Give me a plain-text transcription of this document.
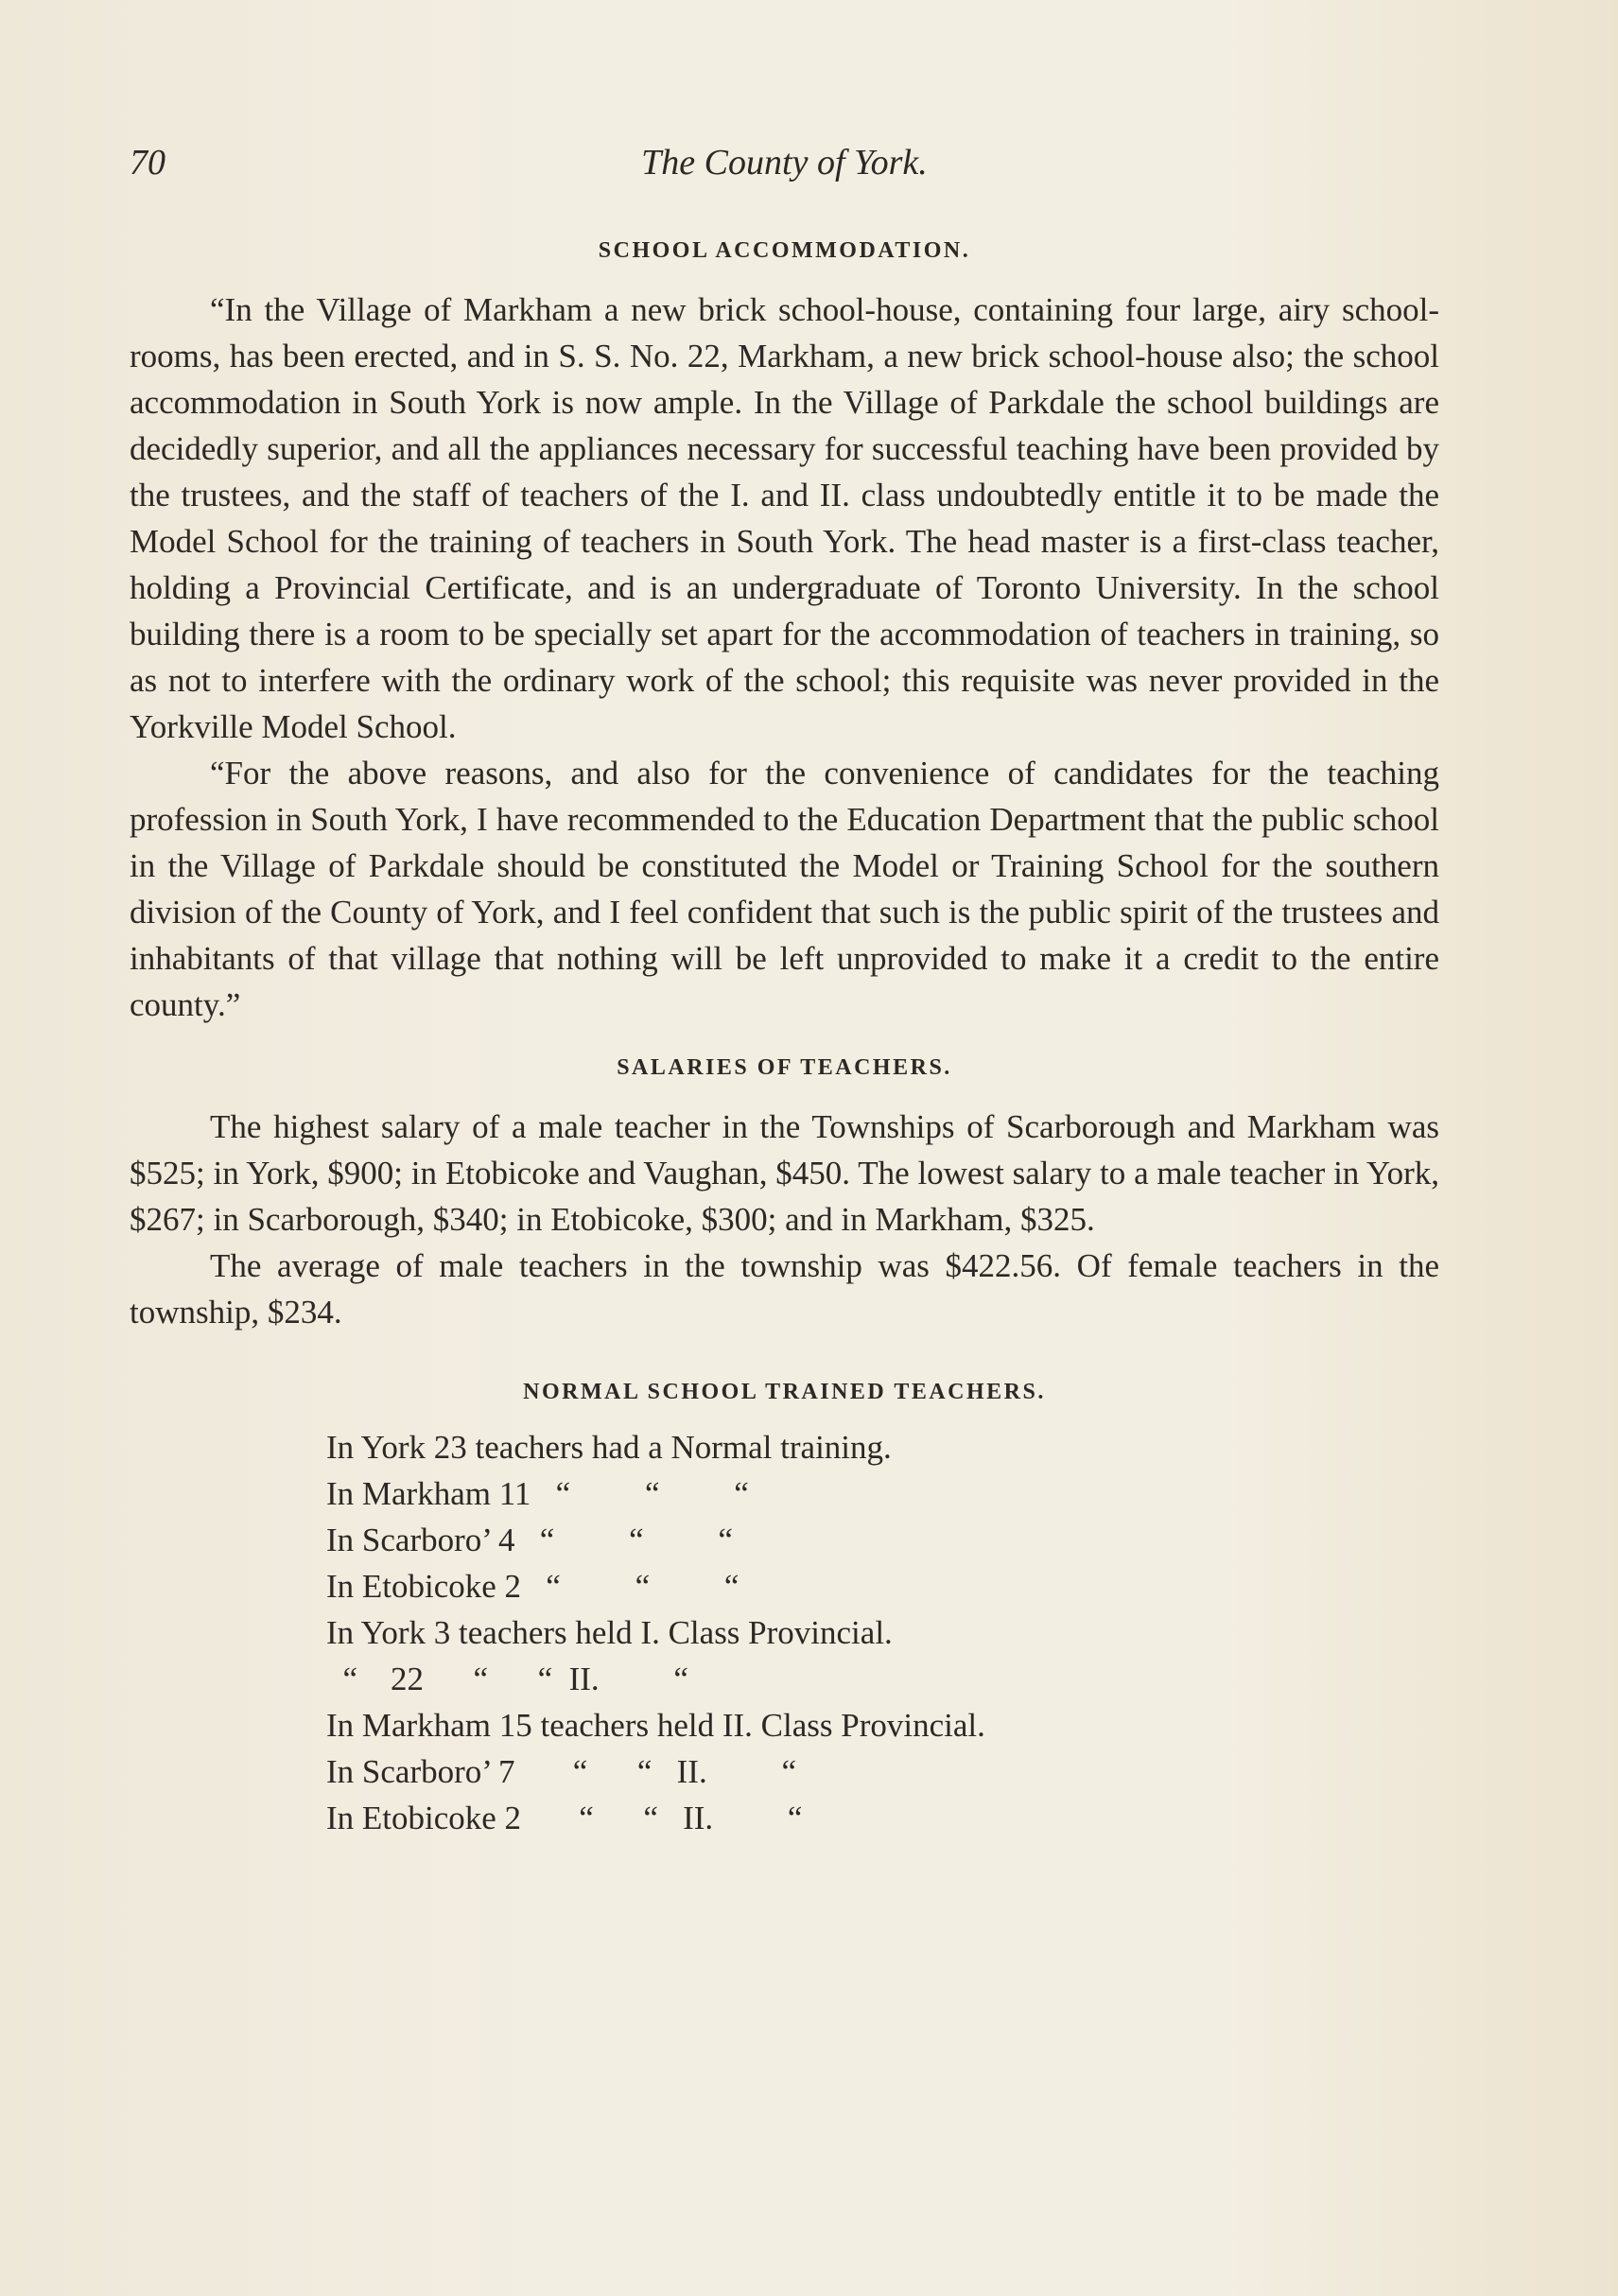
70	The County of York.
SCHOOL ACCOMMODATION.

“In the Village of Markham a new brick school-house, containing four large, airy school-rooms, has been erected, and in S. S. No. 22, Markham, a new brick school-house also; the school accommodation in South York is now ample. In the Village of Parkdale the school buildings are decidedly superior, and all the appliances necessary for successful teaching have been provided by the trustees, and the staff of teachers of the I. and II. class undoubtedly entitle it to be made the Model School for the training of teachers in South York. The head master is a first-class teacher, holding a Provincial Certificate, and is an undergraduate of Toronto University. In the school building there is a room to be specially set apart for the accommodation of teachers in training, so as not to interfere with the ordinary work of the school; this requisite was never provided in the Yorkville Model School.

“For the above reasons, and also for the convenience of candidates for the teaching profession in South York, I have recommended to the Education Department that the public school in the Village of Parkdale should be constituted the Model or Training School for the southern division of the County of York, and I feel confident that such is the public spirit of the trustees and inhabitants of that village that nothing will be left unprovided to make it a credit to the entire county.”

SALARIES OF TEACHERS.

The highest salary of a male teacher in the Townships of Scarborough and Markham was $525; in York, $900; in Etobicoke and Vaughan, $450. The lowest salary to a male teacher in York, $267; in Scarborough, $340; in Etobicoke, $300; and in Markham, $325.

The average of male teachers in the township was $422.56. Of female teachers in the township, $234.

NORMAL SCHOOL TRAINED TEACHERS.
In York 23 teachers had a Normal training.
In Markham 11   “         “         “
In Scarboro’ 4   “         “         “
In Etobicoke 2   “         “         “
In York 3 teachers held I. Class Provincial.
“    22      “      “  II.         “
In Markham 15 teachers held II. Class Provincial.
In Scarboro’ 7       “      “   II.         “
In Etobicoke 2       “      “   II.         “
